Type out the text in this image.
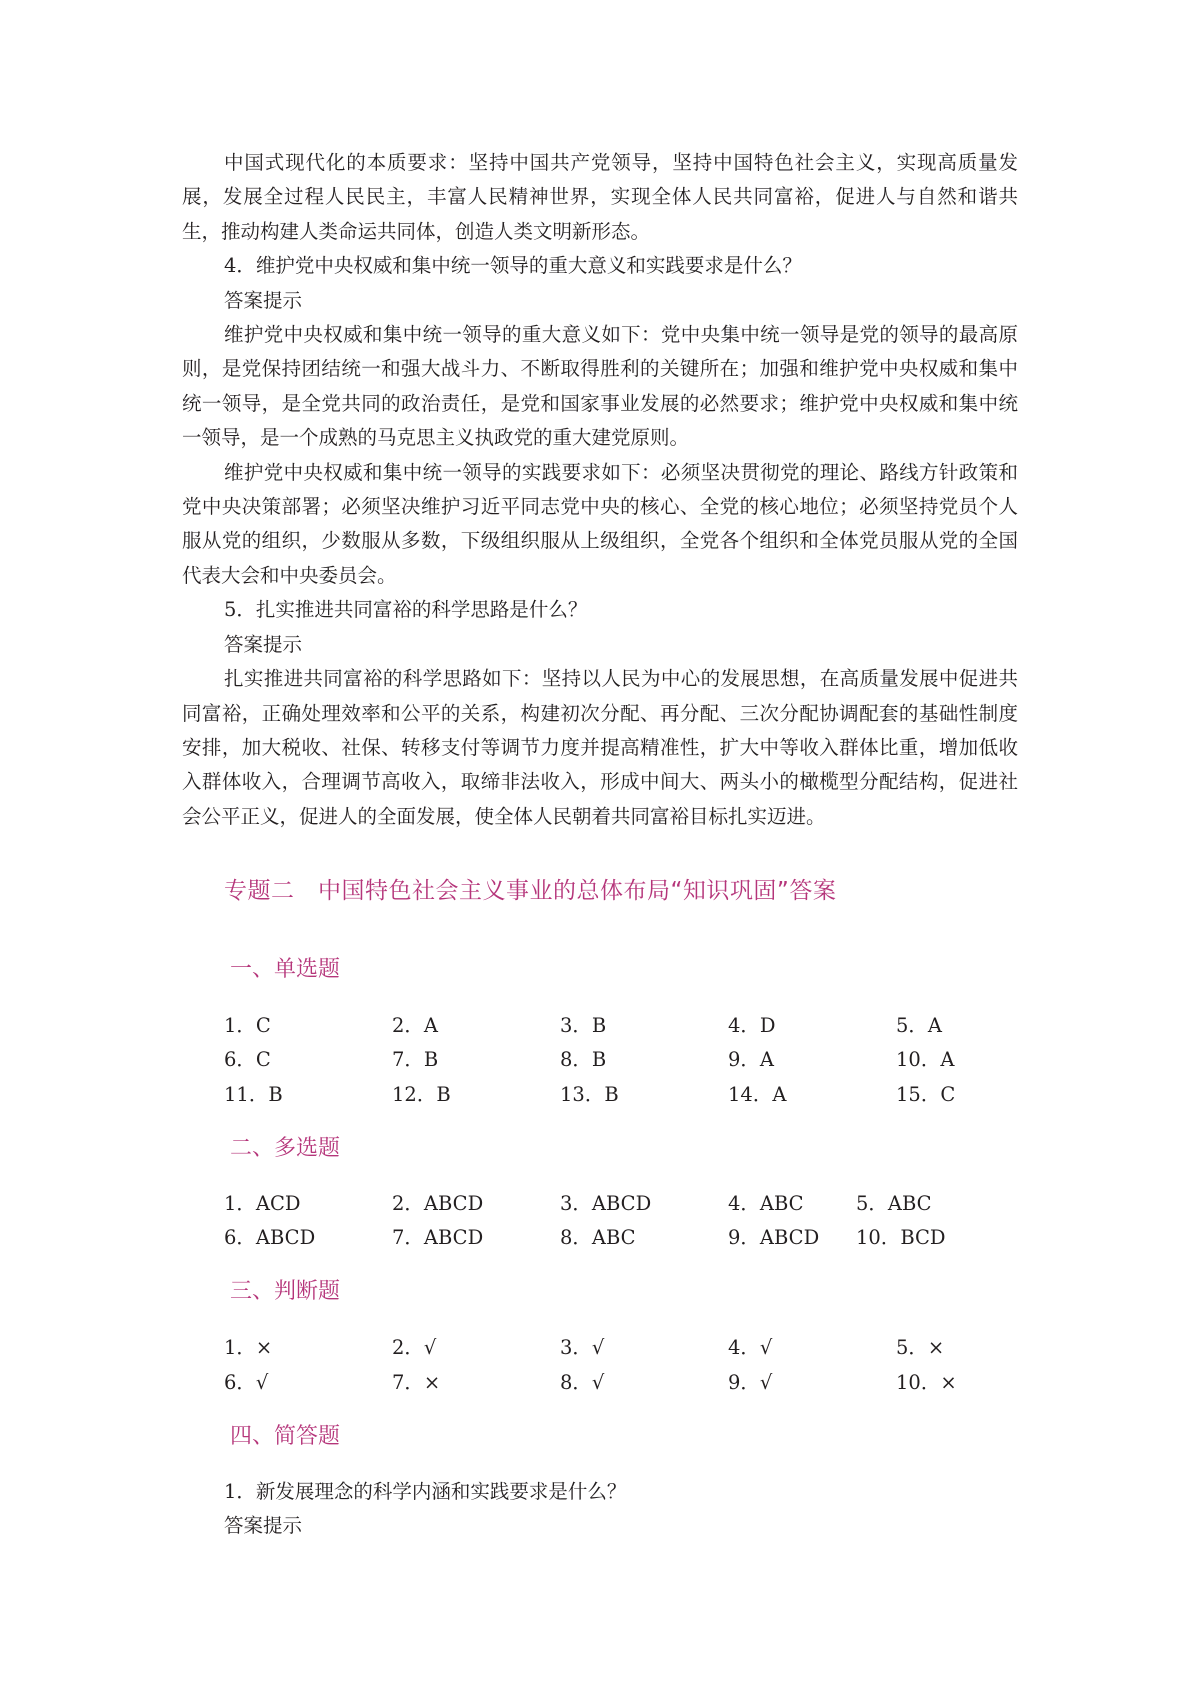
中国式现代化的本质要求：坚持中国共产党领导，坚持中国特色社会主义，实现高质量发展，发展全过程人民民主，丰富人民精神世界，实现全体人民共同富裕，促进人与自然和谐共生，推动构建人类命运共同体，创造人类文明新形态。

4．维护党中央权威和集中统一领导的重大意义和实践要求是什么？

答案提示

维护党中央权威和集中统一领导的重大意义如下：党中央集中统一领导是党的领导的最高原则，是党保持团结统一和强大战斗力、不断取得胜利的关键所在；加强和维护党中央权威和集中统一领导，是全党共同的政治责任，是党和国家事业发展的必然要求；维护党中央权威和集中统一领导，是一个成熟的马克思主义执政党的重大建党原则。

维护党中央权威和集中统一领导的实践要求如下：必须坚决贯彻党的理论、路线方针政策和党中央决策部署；必须坚决维护习近平同志党中央的核心、全党的核心地位；必须坚持党员个人服从党的组织，少数服从多数，下级组织服从上级组织，全党各个组织和全体党员服从党的全国代表大会和中央委员会。

5．扎实推进共同富裕的科学思路是什么？

答案提示

扎实推进共同富裕的科学思路如下：坚持以人民为中心的发展思想，在高质量发展中促进共同富裕，正确处理效率和公平的关系，构建初次分配、再分配、三次分配协调配套的基础性制度安排，加大税收、社保、转移支付等调节力度并提高精准性，扩大中等收入群体比重，增加低收入群体收入，合理调节高收入，取缔非法收入，形成中间大、两头小的橄榄型分配结构，促进社会公平正义，促进人的全面发展，使全体人民朝着共同富裕目标扎实迈进。

专题二　中国特色社会主义事业的总体布局“知识巩固”答案
一、单选题
1．C	2．A	3．B	4．D	5．A
6．C	7．B	8．B	9．A	10．A
11．B	12．B	13．B	14．A	15．C
二、多选题
1．ACD	2．ABCD	3．ABCD	4．ABC	5．ABC
6．ABCD	7．ABCD	8．ABC	9．ABCD 10．BCD
三、判断题
1．×	2．√	3．√	4．√	5．×
6．√	7．×	8．√	9．√	10．×
四、简答题
1．新发展理念的科学内涵和实践要求是什么？
答案提示
